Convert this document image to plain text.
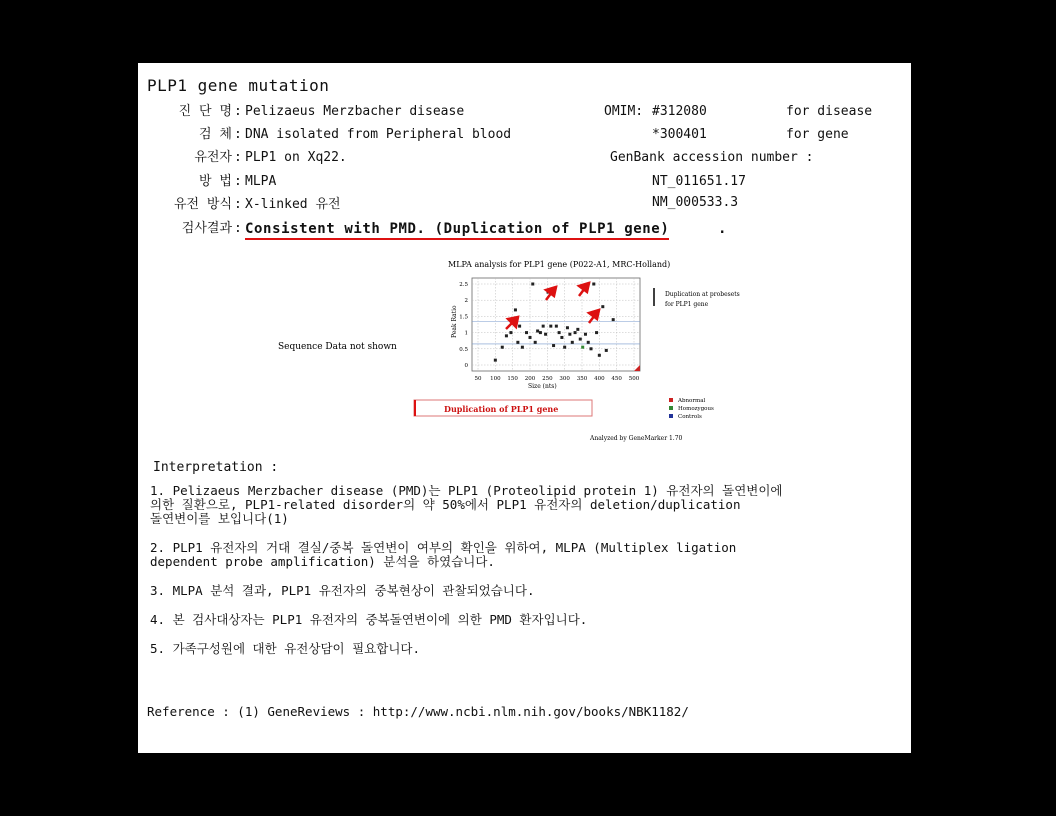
PLP1 gene mutation
진 단 명 : Pelizaeus Merzbacher disease
검 체 : DNA isolated from Peripheral blood
유전자 : PLP1 on Xq22.
방 법 : MLPA
유전 방식 : X-linked 유전
OMIM: #312080	for disease
*300401	for gene
GenBank accession number :
NT_011651.17
NM_000533.3
검사결과 : Consistent with PMD. (Duplication of PLP1 gene)	.
Sequence Data not shown
MLPA analysis for PLP1 gene (P022-A1, MRC-Holland)
0
0.5
1
1.5
2
2.5
50 100 150 200 250 300 350 400 450 500
Peak Ratio
Size (nts)
Duplication at probesets
for PLP1 gene
Duplication of PLP1 gene
Abnormal
Homozygous
Controls
Analyzed by GeneMarker 1.70
Interpretation :
1. Pelizaeus Merzbacher disease (PMD)는 PLP1 (Proteolipid protein 1) 유전자의 돌연변이에
의한 질환으로, PLP1-related disorder의 약 50%에서 PLP1 유전자의 deletion/duplication
돌연변이를 보입니다(1)
2. PLP1 유전자의 거대 결실/중복 돌연변이 여부의 확인을 위하여, MLPA (Multiplex ligation
dependent probe amplification) 분석을 하였습니다.
3. MLPA 분석 결과, PLP1 유전자의 중복현상이 관찰되었습니다.
4. 본 검사대상자는 PLP1 유전자의 중복돌연변이에 의한 PMD 환자입니다.
5. 가족구성원에 대한 유전상담이 필요합니다.
Reference : (1) GeneReviews : http://www.ncbi.nlm.nih.gov/books/NBK1182/
